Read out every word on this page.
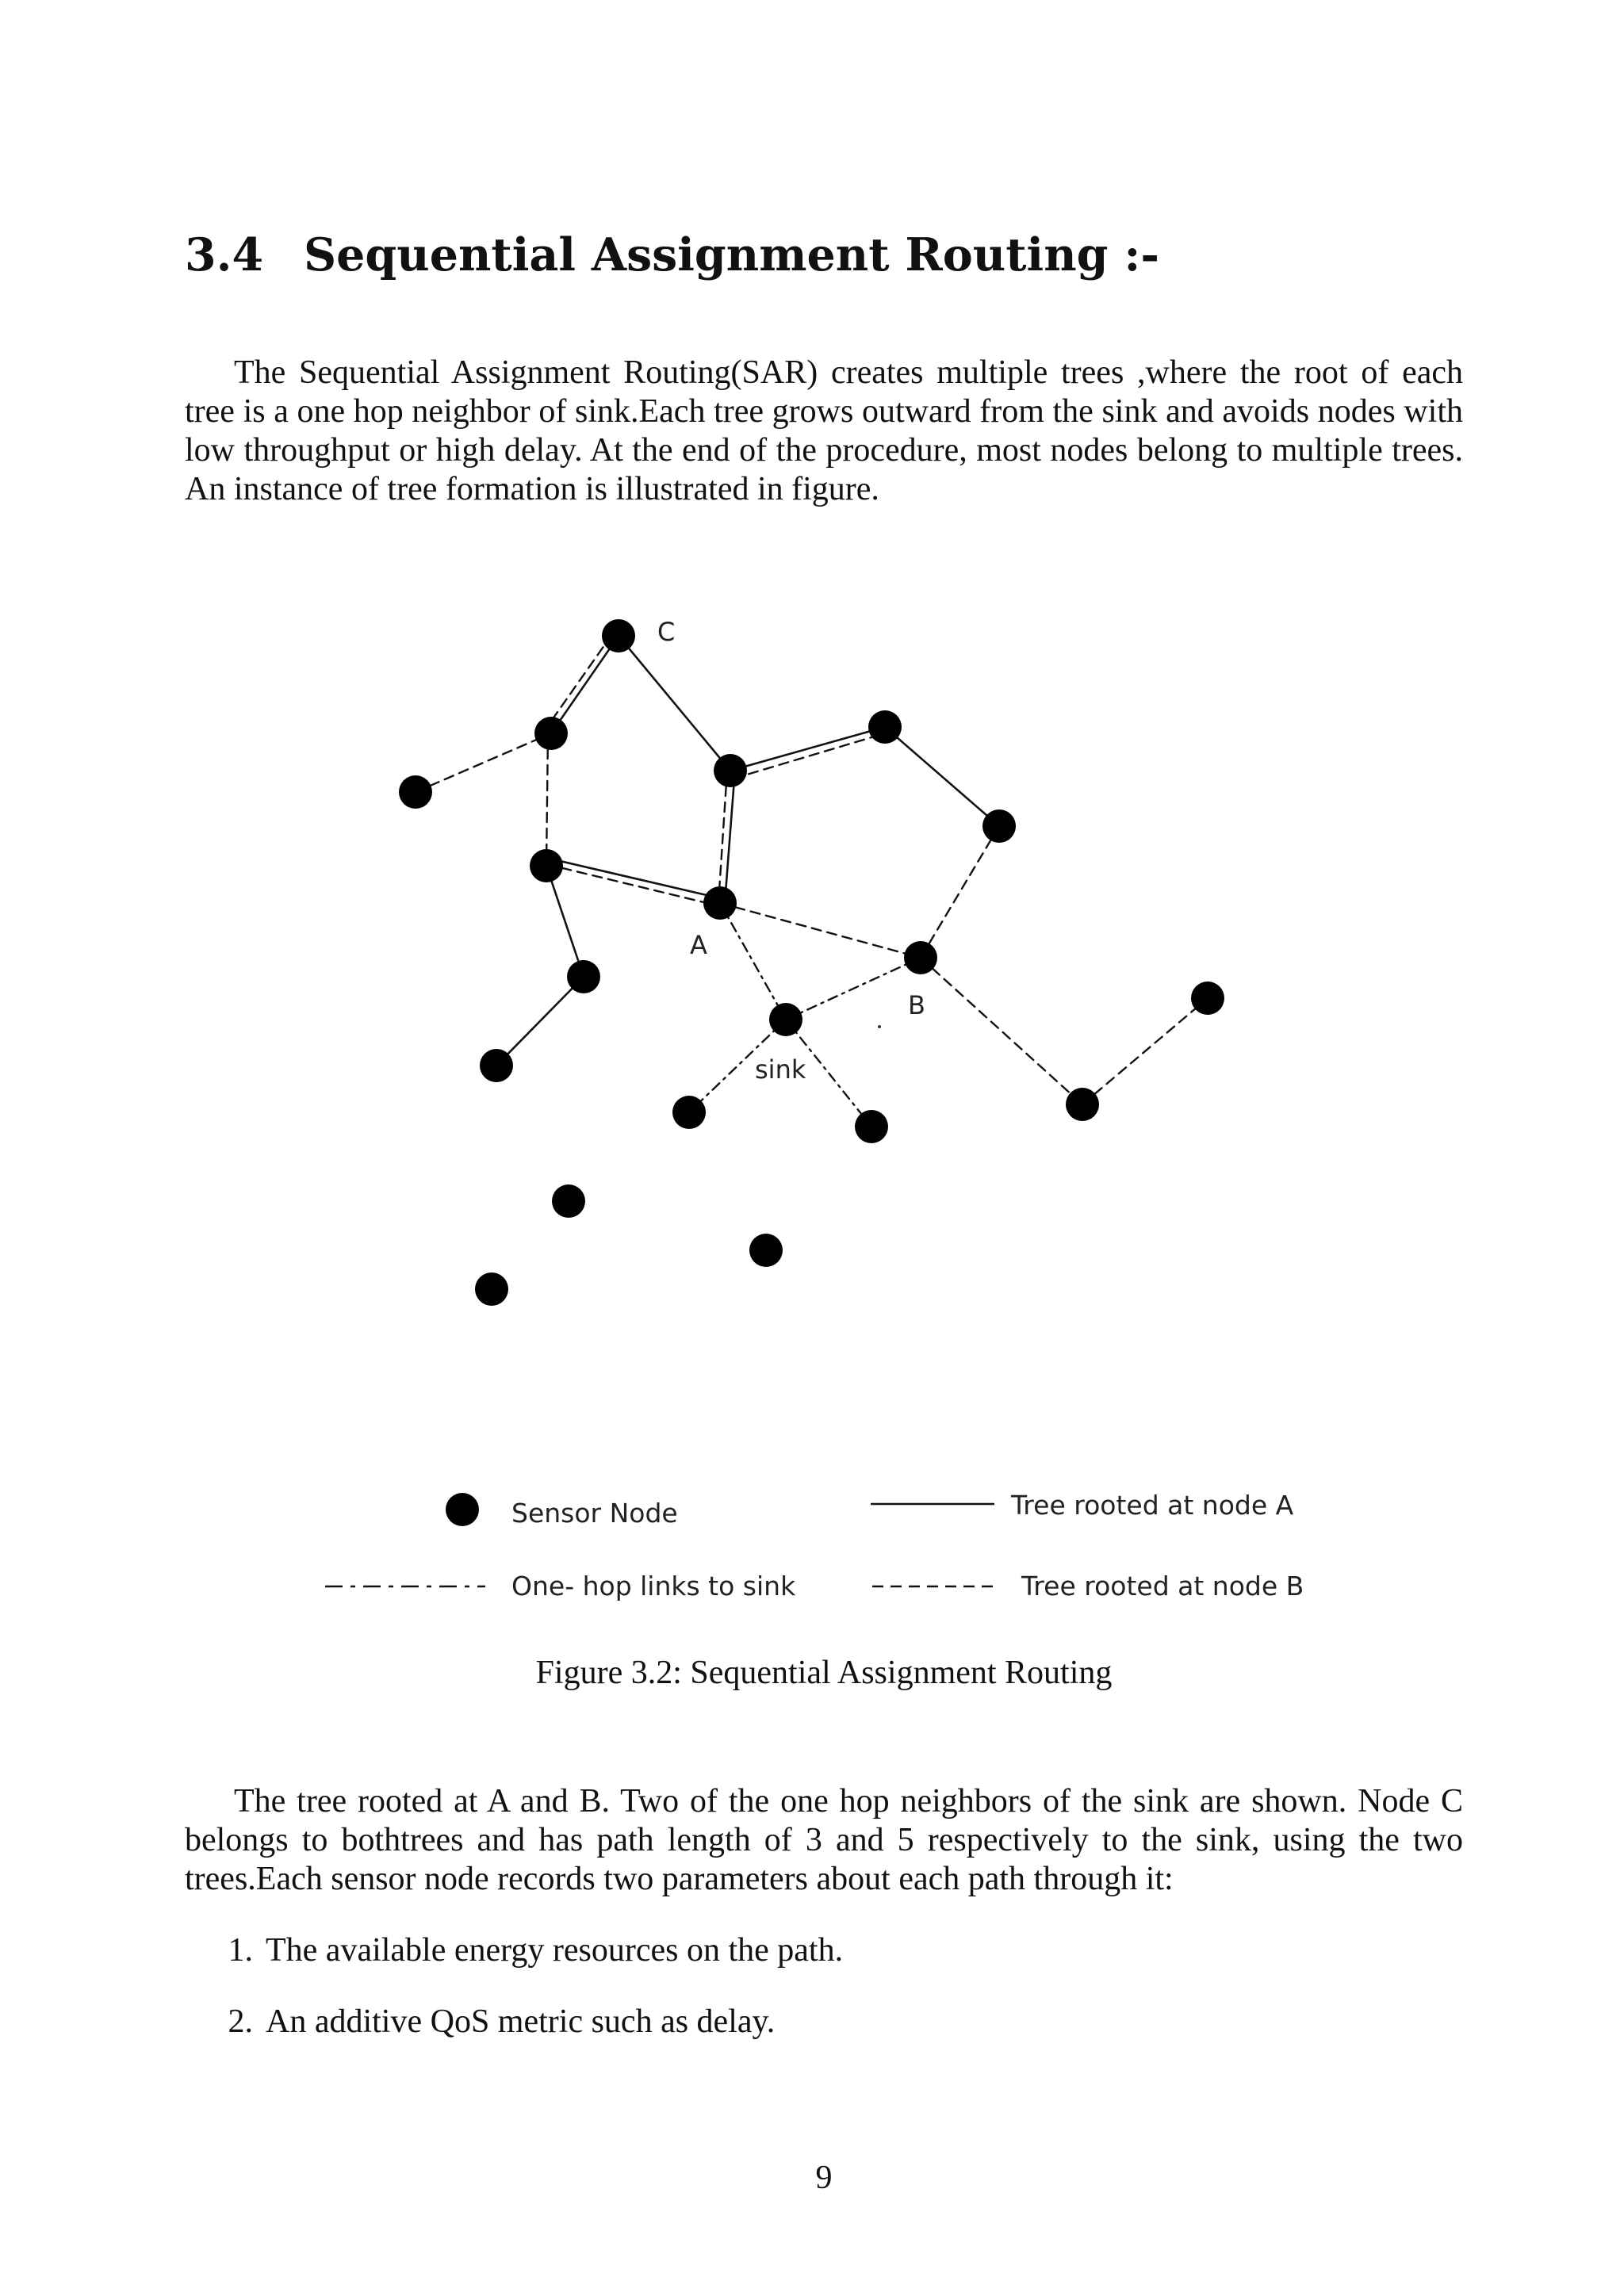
3.4 Sequential Assignment Routing :-

The Sequential Assignment Routing(SAR) creates multiple trees ,where the root of each tree is a one hop neighbor of sink.Each tree grows outward from the sink and avoids nodes with low throughput or high delay. At the end of the procedure, most nodes belong to multiple trees. An instance of tree formation is illustrated in figure.

C
A
B
sink
Sensor Node	Tree rooted at node A
One- hop links to sink	Tree rooted at node B

Figure 3.2: Sequential Assignment Routing

The tree rooted at A and B. Two of the one hop neighbors of the sink are shown. Node C belongs to bothtrees and has path length of 3 and 5 respectively to the sink, using the two trees.Each sensor node records two parameters about each path through it:

1. The available energy resources on the path.
2. An additive QoS metric such as delay.

9
